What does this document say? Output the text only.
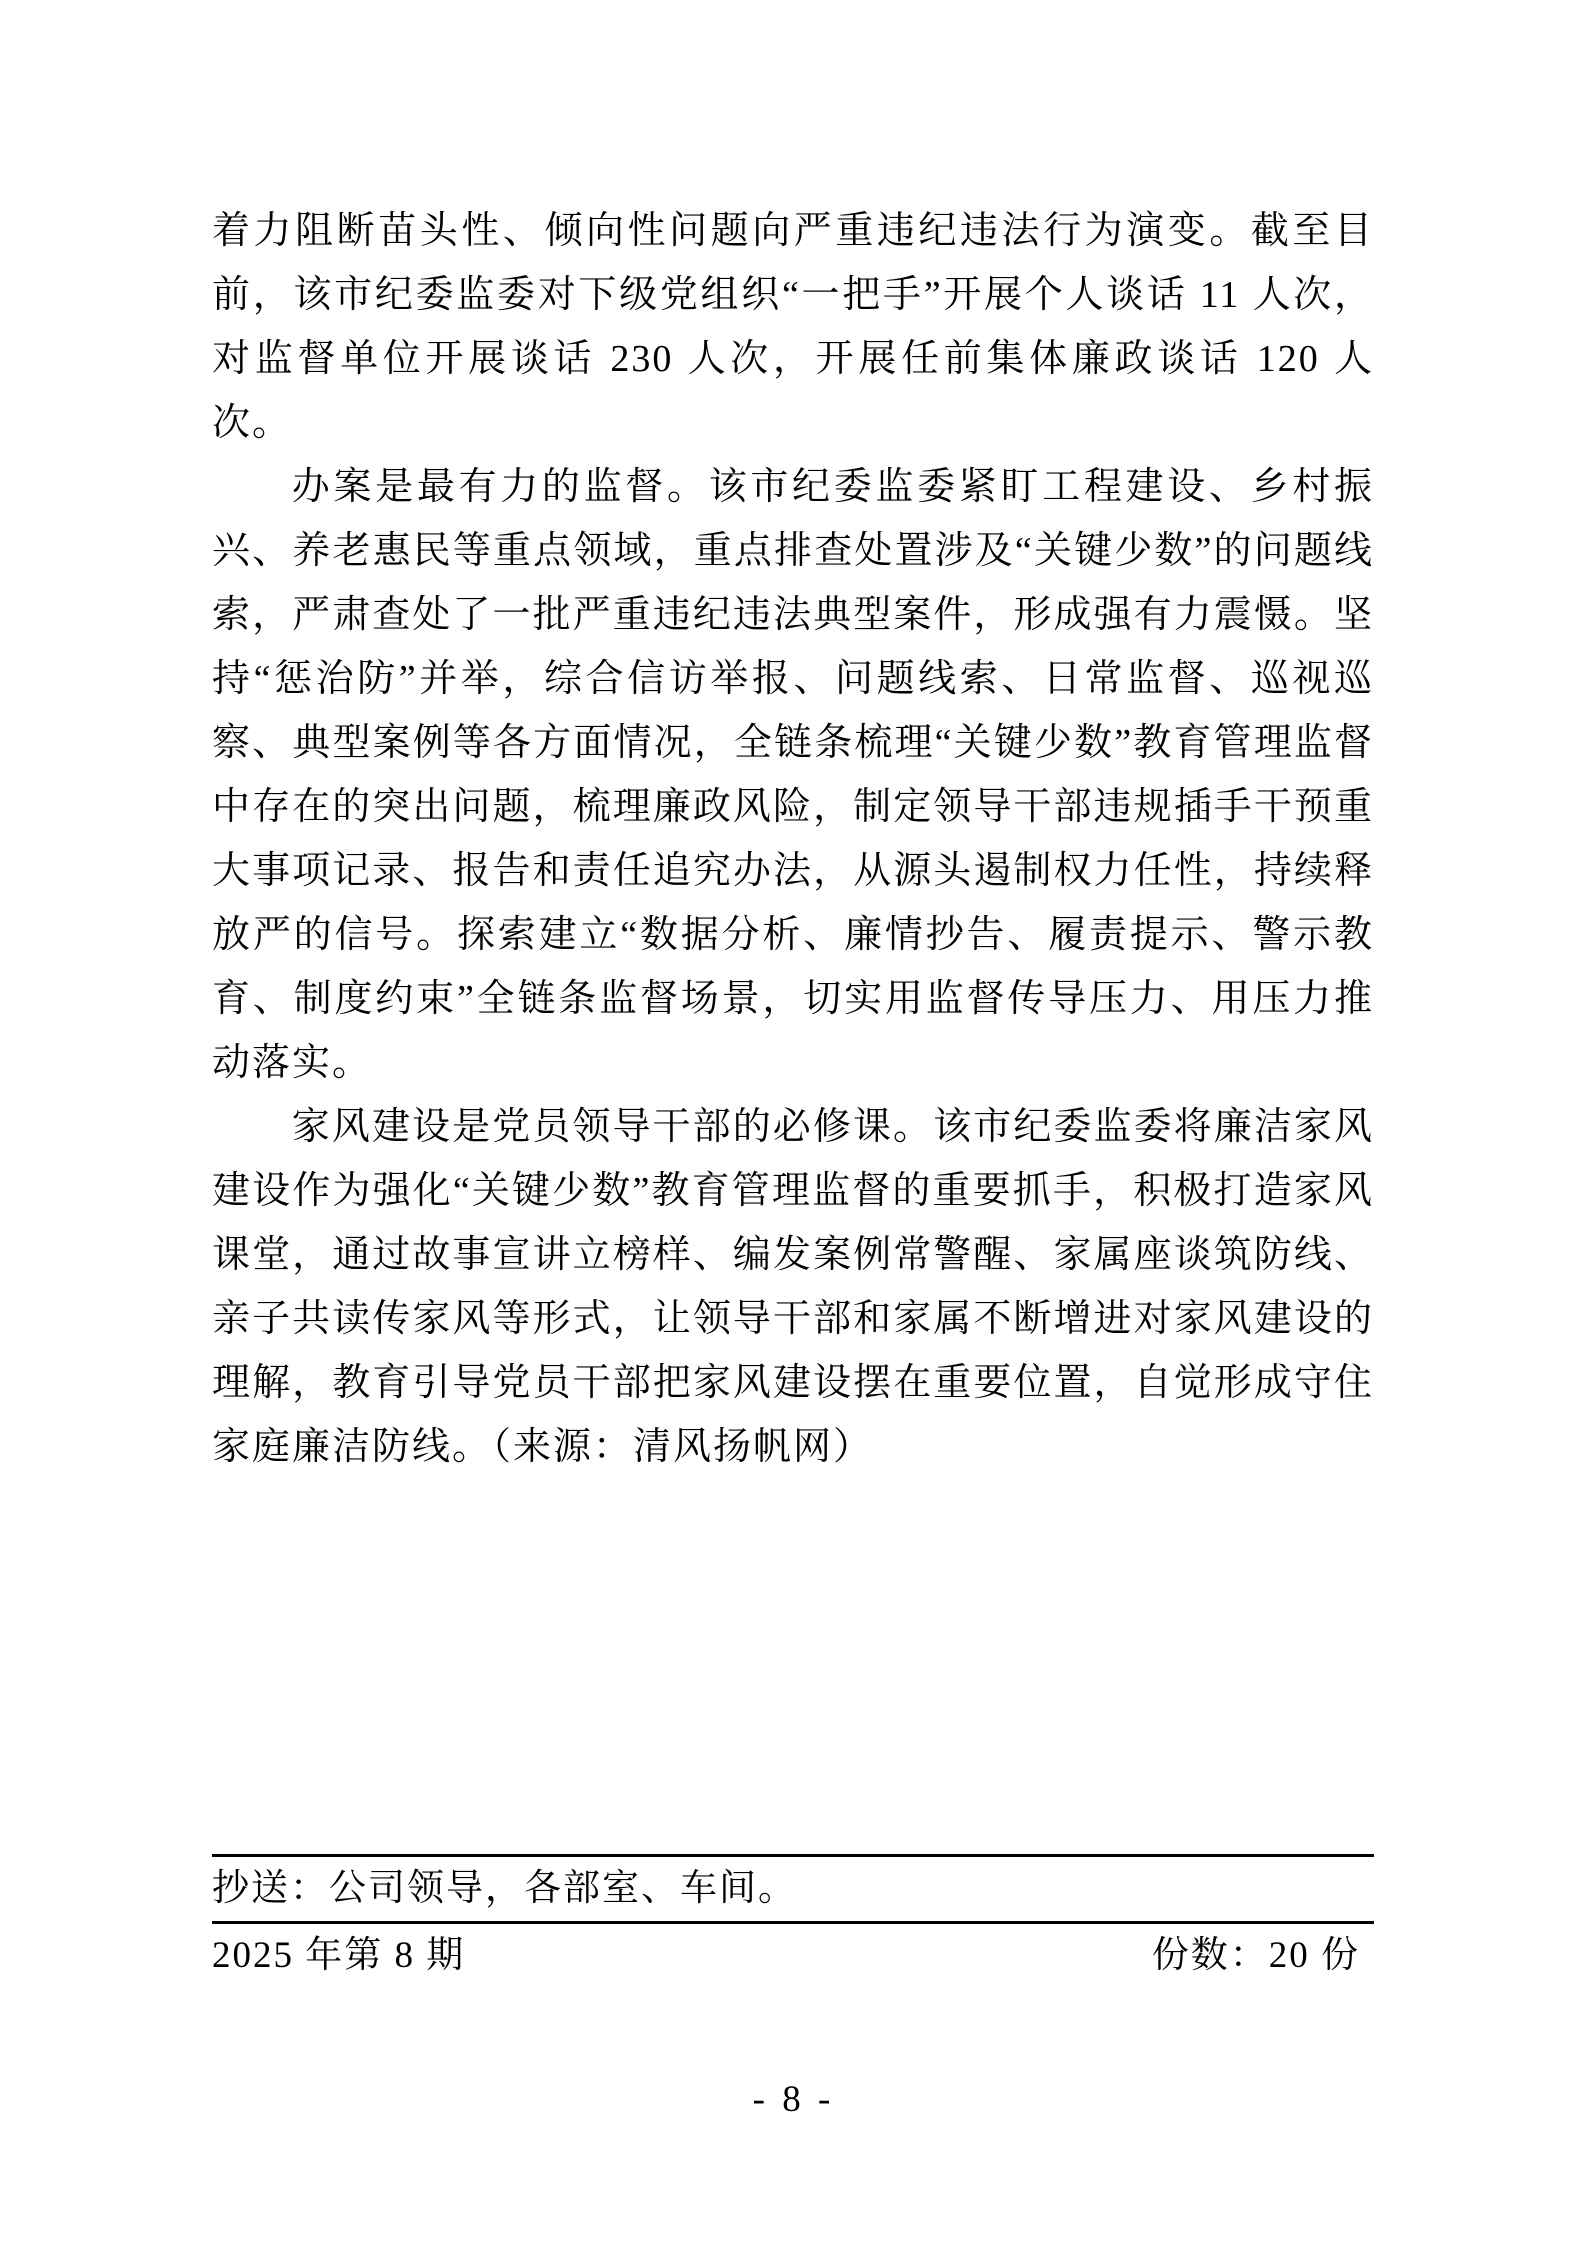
着力阻断苗头性、倾向性问题向严重违纪违法行为演变。截至目前，该市纪委监委对下级党组织“一把手”开展个人谈话 11 人次，对监督单位开展谈话 230 人次，开展任前集体廉政谈话 120 人次。

办案是最有力的监督。该市纪委监委紧盯工程建设、乡村振兴、养老惠民等重点领域，重点排查处置涉及“关键少数”的问题线索，严肃查处了一批严重违纪违法典型案件，形成强有力震慑。坚持“惩治防”并举，综合信访举报、问题线索、日常监督、巡视巡察、典型案例等各方面情况，全链条梳理“关键少数”教育管理监督中存在的突出问题，梳理廉政风险，制定领导干部违规插手干预重大事项记录、报告和责任追究办法，从源头遏制权力任性，持续释放严的信号。探索建立“数据分析、廉情抄告、履责提示、警示教育、制度约束”全链条监督场景，切实用监督传导压力、用压力推动落实。

家风建设是党员领导干部的必修课。该市纪委监委将廉洁家风建设作为强化“关键少数”教育管理监督的重要抓手，积极打造家风课堂，通过故事宣讲立榜样、编发案例常警醒、家属座谈筑防线、亲子共读传家风等形式，让领导干部和家属不断增进对家风建设的理解，教育引导党员干部把家风建设摆在重要位置，自觉形成守住家庭廉洁防线。（来源：清风扬帆网）

抄送：公司领导，各部室、车间。
2025 年第 8 期	份数：20 份
- 8 -
